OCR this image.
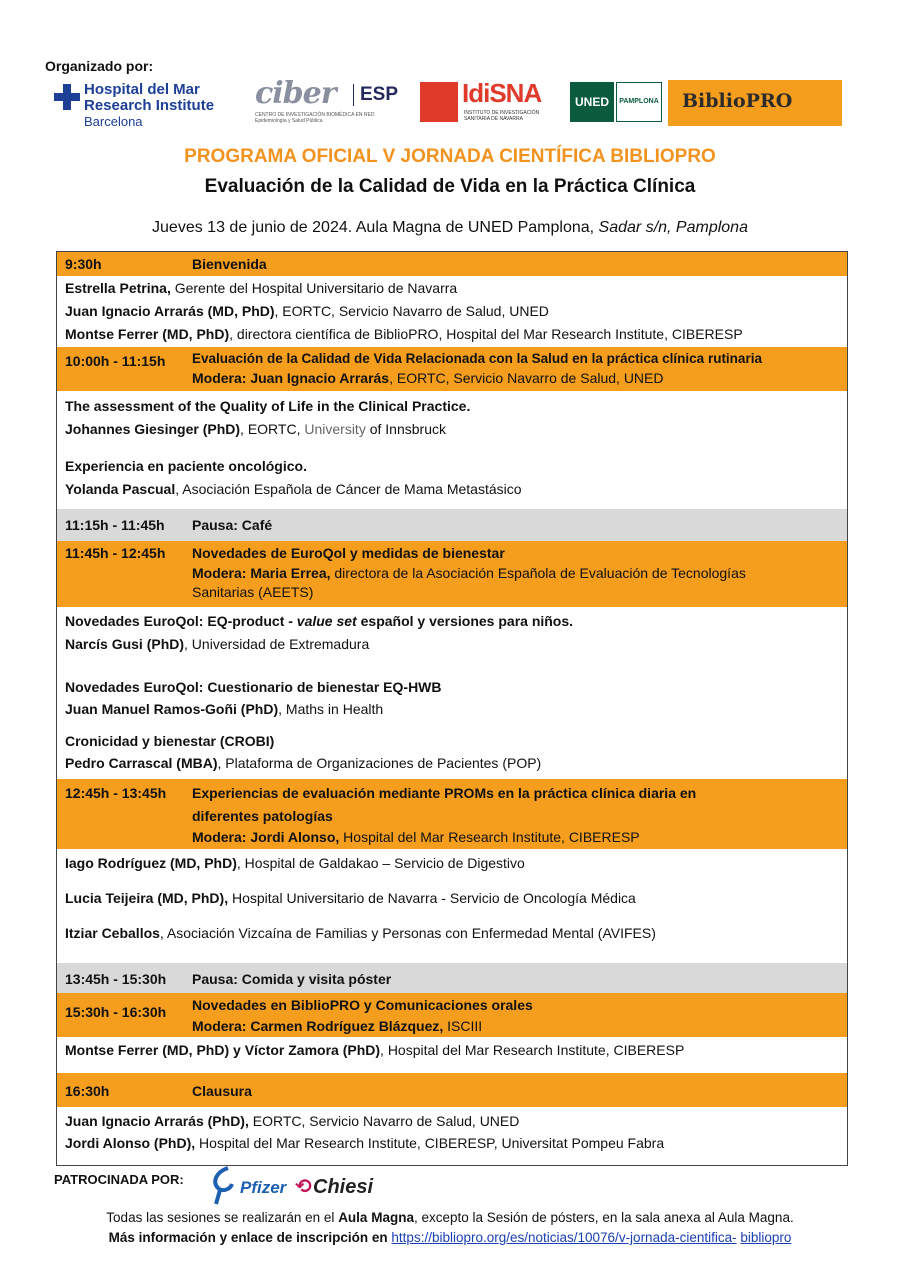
Organizado por:
Hospital del Mar
Research Institute
Barcelona
ciber	ESP
CENTRO DE INVESTIGACIÓN BIOMÉDICA EN RED
Epidemiología y Salud Pública
IdiSNA
INSTITUTO DE INVESTIGACIÓN
SANITARIA DE NAVARRA
UNED	PAMPLONA BiblioPRO
PROGRAMA OFICIAL V JORNADA CIENTÍFICA BIBLIOPRO
Evaluación de la Calidad de Vida en la Práctica Clínica
Jueves 13 de junio de 2024. Aula Magna de UNED Pamplona, Sadar s/n, Pamplona
9:30h	Bienvenida
Estrella Petrina, Gerente del Hospital Universitario de Navarra
Juan Ignacio Arrarás (MD, PhD), EORTC, Servicio Navarro de Salud, UNED
Montse Ferrer (MD, PhD), directora científica de BiblioPRO, Hospital del Mar Research Institute, CIBERESP
10:00h - 11:15h Evaluación de la Calidad de Vida Relacionada con la Salud en la práctica clínica rutinaria
Modera: Juan Ignacio Arrarás, EORTC, Servicio Navarro de Salud, UNED
The assessment of the Quality of Life in the Clinical Practice.
Johannes Giesinger (PhD), EORTC, University of Innsbruck
Experiencia en paciente oncológico.
Yolanda Pascual, Asociación Española de Cáncer de Mama Metastásico
11:15h - 11:45h Pausa: Café
11:45h - 12:45h Novedades de EuroQol y medidas de bienestar
Modera: Maria Errea, directora de la Asociación Española de Evaluación de Tecnologías
Sanitarias (AEETS)
Novedades EuroQol: EQ-product - value set español y versiones para niños.
Narcís Gusi (PhD), Universidad de Extremadura
Novedades EuroQol: Cuestionario de bienestar EQ-HWB
Juan Manuel Ramos-Goñi (PhD), Maths in Health
Cronicidad y bienestar (CROBI)
Pedro Carrascal (MBA), Plataforma de Organizaciones de Pacientes (POP)
12:45h - 13:45h Experiencias de evaluación mediante PROMs en la práctica clínica diaria en
diferentes patologías
Modera: Jordi Alonso, Hospital del Mar Research Institute, CIBERESP
Iago Rodríguez (MD, PhD), Hospital de Galdakao – Servicio de Digestivo
Lucia Teijeira (MD, PhD), Hospital Universitario de Navarra - Servicio de Oncología Médica
Itziar Ceballos, Asociación Vizcaína de Familias y Personas con Enfermedad Mental (AVIFES)
13:45h - 15:30h Pausa: Comida y visita póster
15:30h - 16:30h Novedades en BiblioPRO y Comunicaciones orales
Modera: Carmen Rodríguez Blázquez, ISCIII
Montse Ferrer (MD, PhD) y Víctor Zamora (PhD), Hospital del Mar Research Institute, CIBERESP
16:30h	Clausura
Juan Ignacio Arrarás (PhD), EORTC, Servicio Navarro de Salud, UNED
Jordi Alonso (PhD), Hospital del Mar Research Institute, CIBERESP, Universitat Pompeu Fabra
PATROCINADA POR:	Pfizer ⟲Chiesi
Todas las sesiones se realizarán en el Aula Magna, excepto la Sesión de pósters, en la sala anexa al Aula Magna.
Más información y enlace de inscripción en https://bibliopro.org/es/noticias/10076/v-jornada-cientifica- bibliopro
